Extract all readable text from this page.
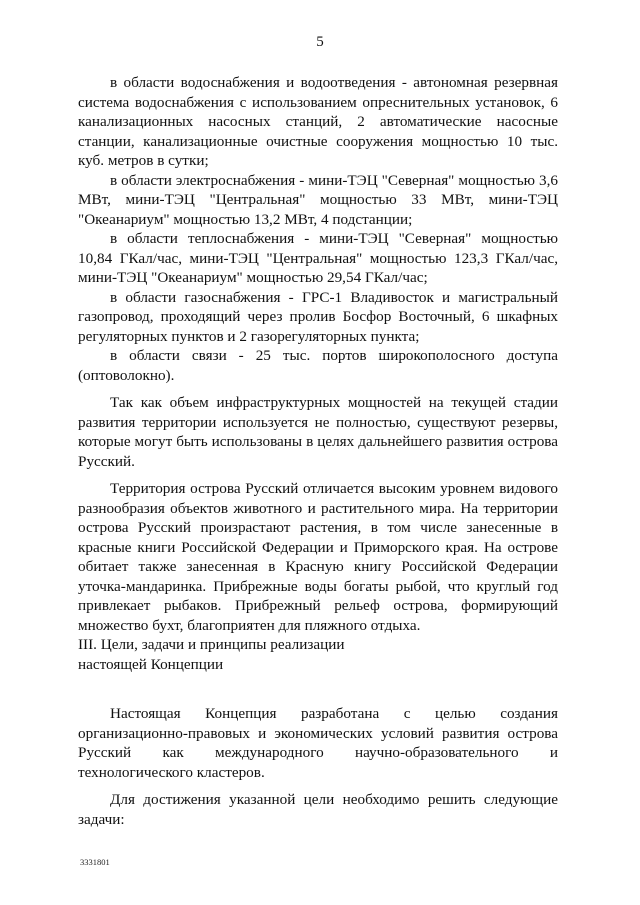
5

в области водоснабжения и водоотведения - автономная резервная система водоснабжения с использованием опреснительных установок, 6 канализационных насосных станций, 2 автоматические насосные станции, канализационные очистные сооружения мощностью 10 тыс. куб. метров в сутки;

в области электроснабжения - мини-ТЭЦ "Северная" мощностью 3,6 МВт, мини-ТЭЦ "Центральная" мощностью 33 МВт, мини-ТЭЦ "Океанариум" мощностью 13,2 МВт, 4 подстанции;

в области теплоснабжения - мини-ТЭЦ "Северная" мощностью 10,84 ГКал/час, мини-ТЭЦ "Центральная" мощностью 123,3 ГКал/час, мини-ТЭЦ "Океанариум" мощностью 29,54 ГКал/час;

в области газоснабжения - ГРС-1 Владивосток и магистральный газопровод, проходящий через пролив Босфор Восточный, 6 шкафных регуляторных пунктов и 2 газорегуляторных пункта;

в области связи - 25 тыс. портов широкополосного доступа (оптоволокно).

Так как объем инфраструктурных мощностей на текущей стадии развития территории используется не полностью, существуют резервы, которые могут быть использованы в целях дальнейшего развития острова Русский.

Территория острова Русский отличается высоким уровнем видового разнообразия объектов животного и растительного мира. На территории острова Русский произрастают растения, в том числе занесенные в красные книги Российской Федерации и Приморского края. На острове обитает также занесенная в Красную книгу Российской Федерации уточка-мандаринка. Прибрежные воды богаты рыбой, что круглый год привлекает рыбаков. Прибрежный рельеф острова, формирующий множество бухт, благоприятен для пляжного отдыха.

III. Цели, задачи и принципы реализации
настоящей Концепции

Настоящая Концепция разработана с целью создания организационно-правовых и экономических условий развития острова Русский как международного научно-образовательного и технологического кластеров.

Для достижения указанной цели необходимо решить следующие задачи:

3331801
